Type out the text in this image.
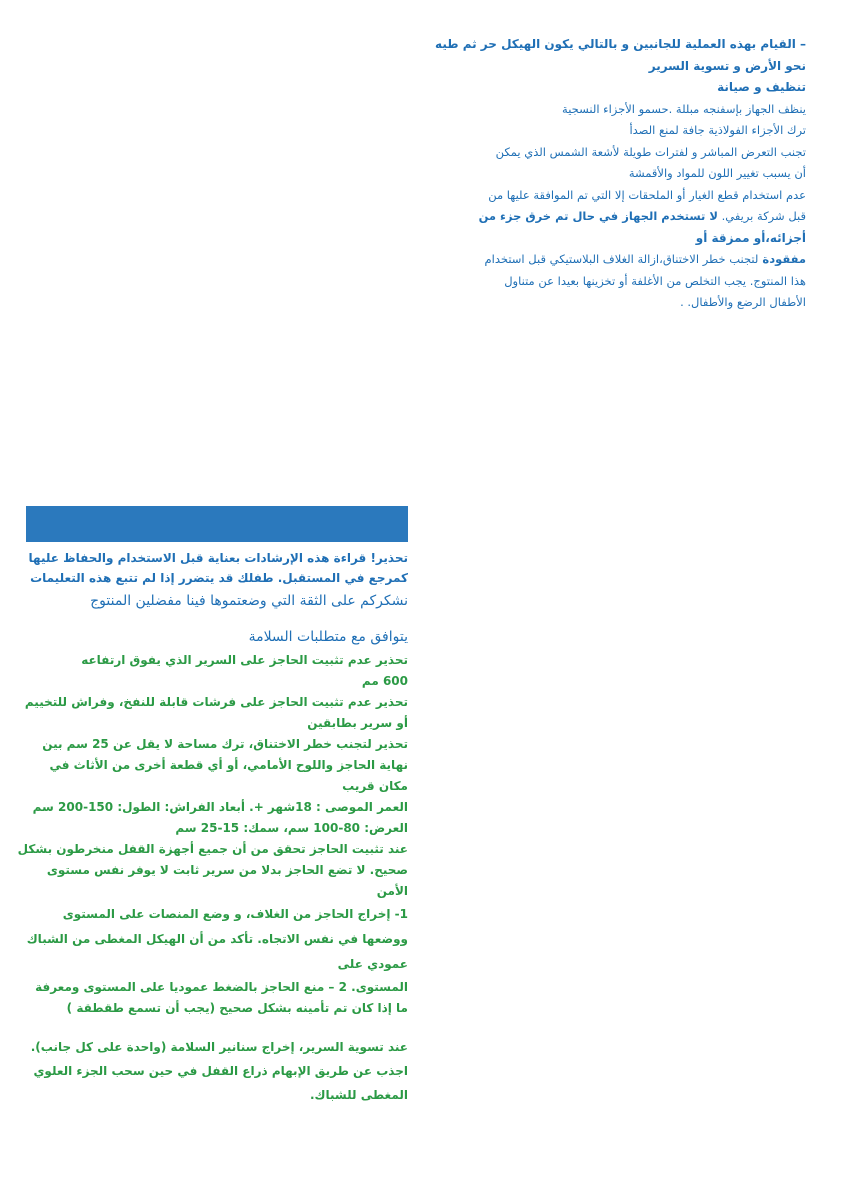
– القيام بهذه العملية للجانبين و بالتالي يكون الهيكل حر ثم طيه

نحو الأرض و تسوية السرير

تنظيف و صيانة

ينظف الجهاز بإسفنجه مبللة .حسمو الأجزاء النسجية

ترك الأجزاء الفولاذية جافة لمنع الصدأ

تجنب التعرض المباشر و لفترات طويلة لأشعة الشمس الذي يمكن

أن يسبب تغيير اللون للمواد والأقمشة

عدم استخدام قطع الغيار أو الملحقات إلا التي تم الموافقة عليها من

قبل شركة بريفي. لا تستخدم الجهاز في حال تم خرق جزء من

أجزائه،أو ممزقة أو

مفقودة لتجنب خطر الاختناق،ازالة الغلاف البلاستيكي قبل استخدام

هذا المنتوج. يجب التخلص من الأغلفة أو تخزينها بعيدا عن متناول

الأطفال الرضع والأطفال. .

تحذير! قراءة هذه الإرشادات بعناية قبل الاستخدام والحفاظ عليها

كمرجع في المستقبل. طفلك قد يتضرر إذا لم تتبع هذه التعليمات

نشكركم على الثقة التي وضعتموها فينا مفضلين المنتوج

يتوافق مع متطلبات السلامة

تحذير عدم تثبيت الحاجز على السرير الذي يفوق ارتفاعه

600 مم

تحذير عدم تثبيت الحاجز على فرشات قابلة للنفخ، وفراش للتخييم

أو سرير بطابقين

تحذير لتجنب خطر الاختناق، ترك مساحة لا يقل عن 25 سم بين

نهاية الحاجز واللوح الأمامي، أو أي قطعة أخرى من الأثاث في

مكان قريب

العمر الموصى : 18شهر +. أبعاد الفراش: الطول: 150-200 سم

العرض: 80-100 سم، سمك: 15-25 سم

عند تثبيت الحاجز تحقق من أن جميع أجهزة القفل منخرطون بشكل

صحيح. لا تضع الحاجز بدلا من سرير ثابت لا يوفر نفس مستوى

الأمن

1- إخراج الحاجز من الغلاف، و وضع المنصات على المستوى

ووضعها في نفس الاتجاه. تأكد من أن الهيكل المغطى من الشباك

عمودي على

المستوى. 2 – منع الحاجز بالضغط عموديا على المستوى ومعرفة

ما إذا كان تم تأمينه بشكل صحيح (يجب أن تسمع طقطقة )

عند تسوية السرير، إخراج سنانير السلامة (واحدة على كل جانب).

اجذب عن طريق الإبهام ذراع القفل في حين سحب الجزء العلوي

المغطى للشباك.
